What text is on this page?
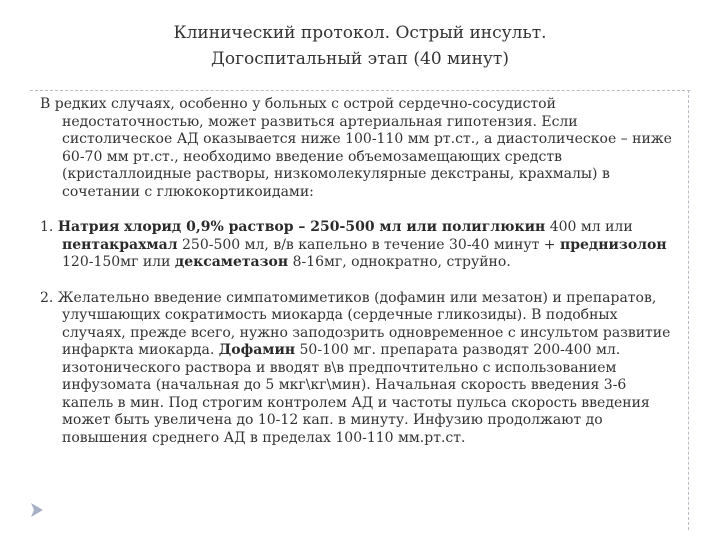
Клинический протокол. Острый инсульт.
Догоспитальный этап (40 минут)

В редких случаях, особенно у больных с острой сердечно-сосудистой недостаточностью, может развиться артериальная гипотензия. Если систолическое АД оказывается ниже 100-110 мм рт.ст., а диастолическое – ниже 60-70 мм рт.ст., необходимо введение объемозамещающих средств (кристаллоидные растворы, низкомолекулярные декстраны, крахмалы) в сочетании с глюкокортикоидами:

1. Натрия хлорид 0,9% раствор – 250-500 мл или полиглюкин 400 мл или пентакрахмал 250-500 мл, в/в капельно в течение 30-40 минут + преднизолон 120-150мг или дексаметазон 8-16мг, однократно, струйно.

2. Желательно введение симпатомиметиков (дофамин или мезатон) и препаратов, улучшающих сократимость миокарда (сердечные гликозиды). В подобных случаях, прежде всего, нужно заподозрить одновременное с инсультом развитие инфаркта миокарда. Дофамин 50-100 мг. препарата разводят 200-400 мл. изотонического раствора и вводят в\в предпочтительно с использованием инфузомата (начальная до 5 мкг\кг\мин). Начальная скорость введения 3-6 капель в мин. Под строгим контролем АД и частоты пульса скорость введения может быть увеличена до 10-12 кап. в минуту. Инфузию продолжают до повышения среднего АД в пределах 100-110 мм.рт.ст.
